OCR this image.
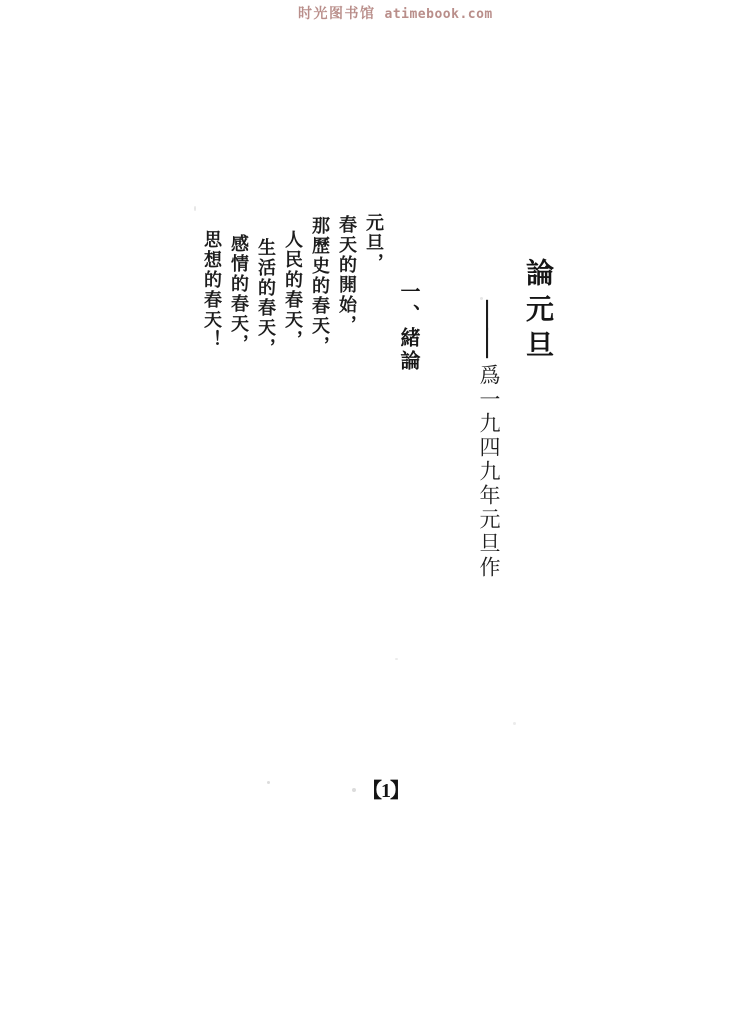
时光图书馆 atimebook.com
論元旦
——爲一九四九年元旦作
一、緒論
元旦，
春天的開始，
那歷史的春天，
人民的春天，
生活的春天，
感情的春天，
思想的春天！
【1】
